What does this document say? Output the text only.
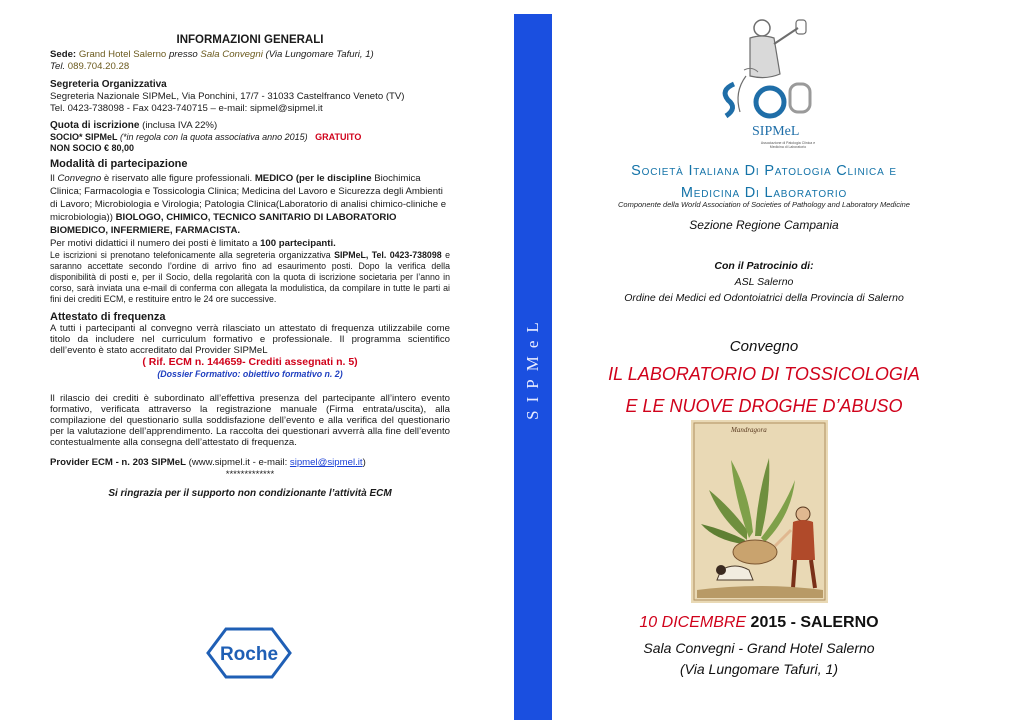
INFORMAZIONI GENERALI

Sede: Grand Hotel Salerno presso Sala Convegni (Via Lungomare Tafuri, 1)

Tel. 089.704.20.28

Segreteria Organizzativa

Segreteria Nazionale SIPMeL, Via Ponchini, 17/7 - 31033 Castelfranco Veneto (TV)

Tel. 0423-738098 - Fax 0423-740715 – e-mail: sipmel@sipmel.it

Quota di iscrizione (inclusa IVA 22%)

SOCIO* SIPMeL (*in regola con la quota associativa anno 2015) GRATUITO

NON SOCIO € 80,00

Modalità di partecipazione

Il Convegno è riservato alle figure professionali. MEDICO (per le discipline Biochimica Clinica; Farmacologia e Tossicologia Clinica; Medicina del Lavoro e Sicurezza degli Ambienti di Lavoro; Microbiologia e Virologia; Patologia Clinica(Laboratorio di analisi chimico-cliniche e microbiologia)) BIOLOGO, CHIMICO, TECNICO SANITARIO DI LABORATORIO BIOMEDICO, INFERMIERE, FARMACISTA.

Per motivi didattici il numero dei posti è limitato a 100 partecipanti.

Le iscrizioni si prenotano telefonicamente alla segreteria organizzativa SIPMeL, Tel. 0423-738098 e saranno accettate secondo l’ordine di arrivo fino ad esaurimento posti. Dopo la verifica della disponibilità di posti e, per il Socio, della regolarità con la quota di iscrizione societaria per l’anno in corso, sarà inviata una e-mail di conferma con allegata la modulistica, da compilare in tutte le parti ai fini dei crediti ECM, e restituire entro le 24 ore successive.

Attestato di frequenza

A tutti i partecipanti al convegno verrà rilasciato un attestato di frequenza utilizzabile come titolo da includere nel curriculum formativo e professionale. Il programma scientifico dell’evento è stato accreditato dal Provider SIPMeL

( Rif. ECM n. 144659- Crediti assegnati n. 5)

(Dossier Formativo: obiettivo formativo n. 2)

Il rilascio dei crediti è subordinato all’effettiva presenza del partecipante all’intero evento formativo, verificata attraverso la registrazione manuale (Firma entrata/uscita), alla compilazione del questionario sulla soddisfazione dell’evento e alla verifica del questionario per la valutazione dell’apprendimento. La raccolta dei questionari avverrà alla fine dell’evento contestualmente alla consegna dell’attestato di frequenza.

Provider ECM - n. 203 SIPMeL (www.sipmel.it - e-mail: sipmel@sipmel.it)

*************

Si ringrazia per il supporto non condizionante l’attività ECM

Roche
SIPMeL
SIPMeL
Associazione di Patologia Clinica e Medicina di Laboratorio
Società Italiana Di Patologia Clinica e
Medicina Di Laboratorio
Componente della World Association of Societies of Pathology and Laboratory Medicine
Sezione Regione Campania
Con il Patrocinio di:
ASL Salerno
Ordine dei Medici ed Odontoiatrici della Provincia di Salerno
Convegno
IL LABORATORIO DI TOSSICOLOGIA
E LE NUOVE DROGHE D’ABUSO
Mandragora
10 DICEMBRE 2015 - SALERNO
Sala Convegni - Grand Hotel Salerno
(Via Lungomare Tafuri, 1)
